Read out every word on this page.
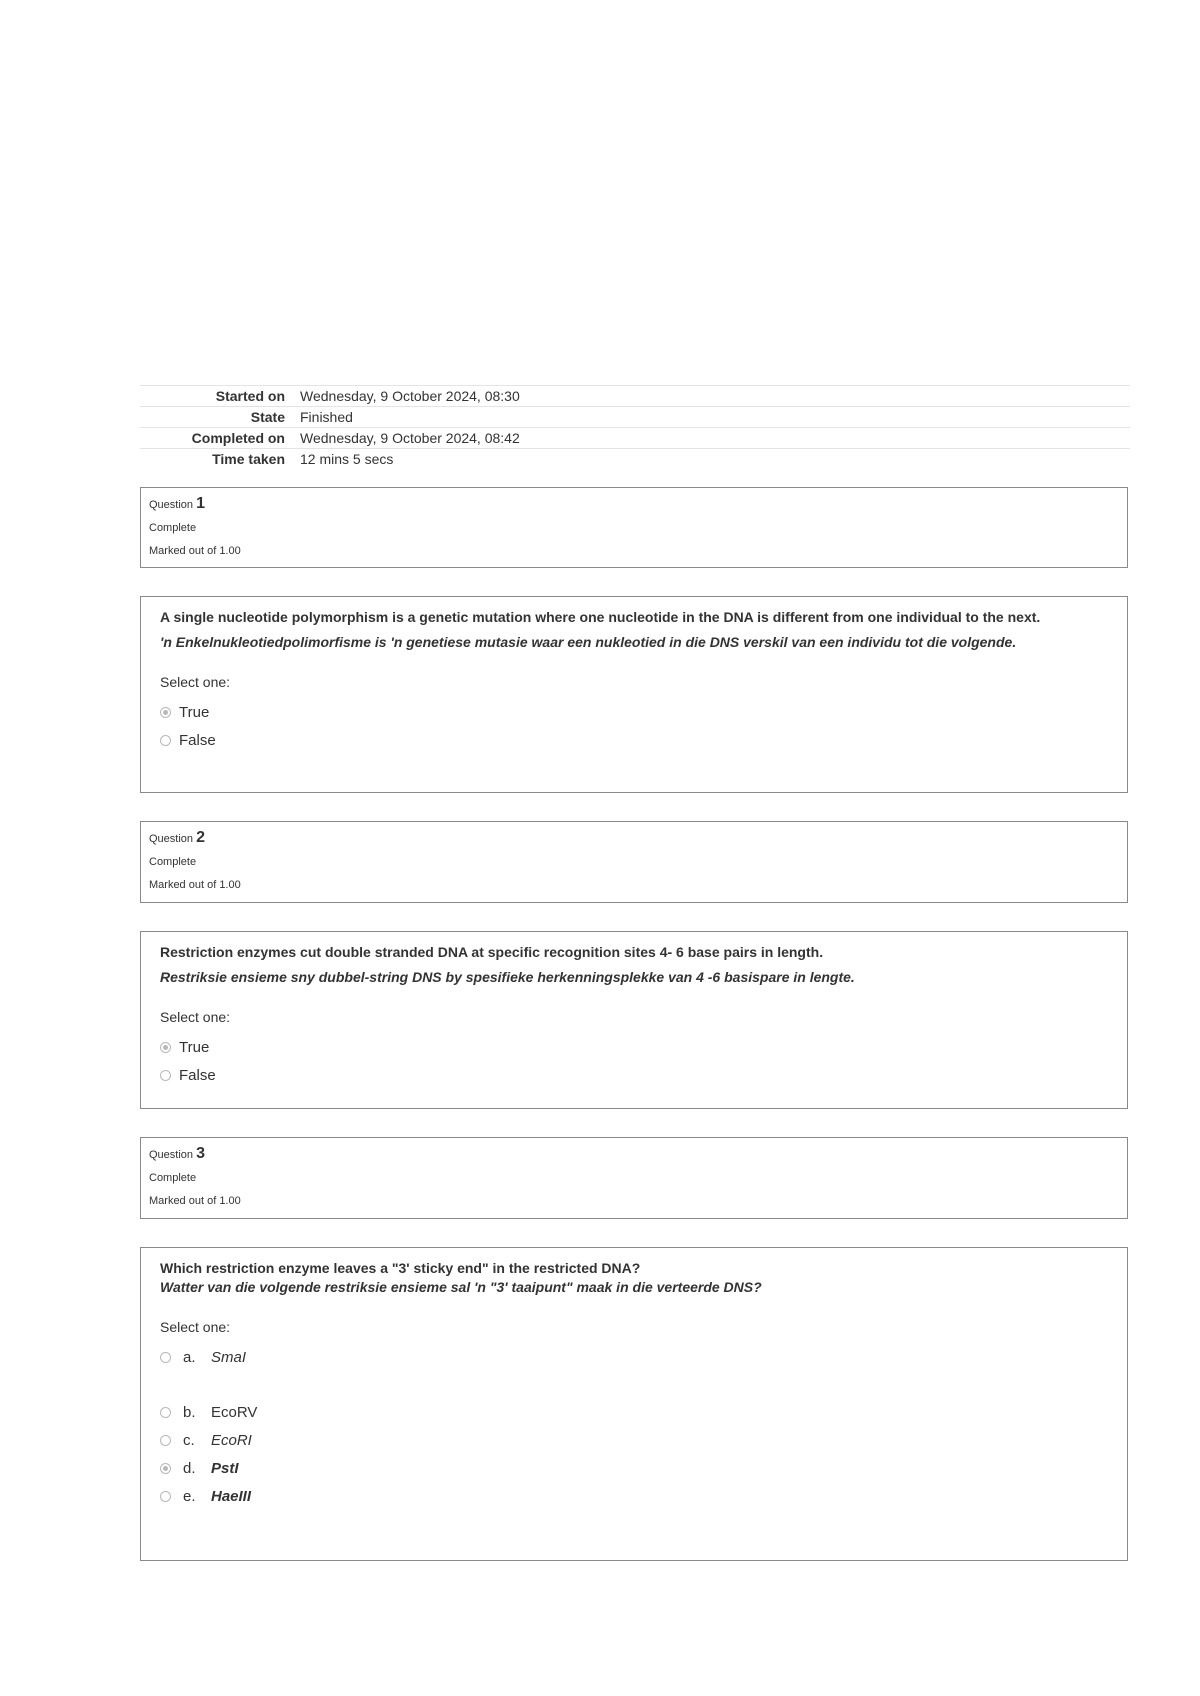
Started on	Wednesday, 9 October 2024, 08:30
State	Finished
Completed on	Wednesday, 9 October 2024, 08:42
Time taken	12 mins 5 secs
Question 1
Complete
Marked out of 1.00

A single nucleotide polymorphism is a genetic mutation where one nucleotide in the DNA is different from one individual to the next.

'n Enkelnukleotiedpolimorfisme is 'n genetiese mutasie waar een nukleotied in die DNS verskil van een individu tot die volgende.

Select one:
True
False
Question 2
Complete
Marked out of 1.00

Restriction enzymes cut double stranded DNA at specific recognition sites 4- 6 base pairs in length.

Restriksie ensieme sny dubbel-string DNS by spesifieke herkenningsplekke van 4 -6 basispare in lengte.

Select one:
True
False
Question 3
Complete
Marked out of 1.00

Which restriction enzyme leaves a "3' sticky end" in the restricted DNA?

Watter van die volgende restriksie ensieme sal 'n "3' taaipunt" maak in die verteerde DNS?

Select one:
a.	SmaI
b.	EcoRV
c.	EcoRI
d.	PstI
e.	HaeIII
